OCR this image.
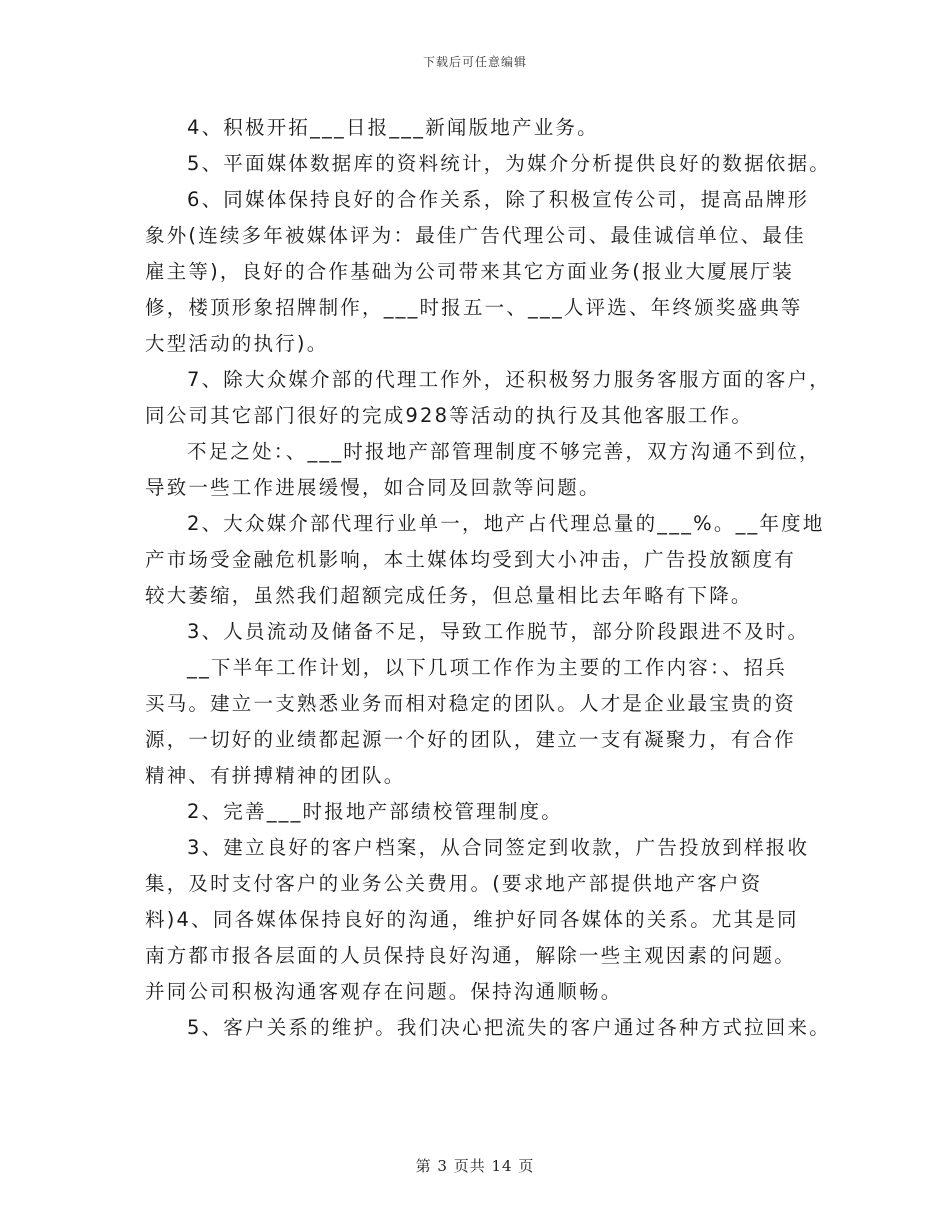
下载后可任意编辑
4、积极开拓___日报___新闻版地产业务。
5、平面媒体数据库的资料统计，为媒介分析提供良好的数据依据。
6、同媒体保持良好的合作关系，除了积极宣传公司，提高品牌形
象外(连续多年被媒体评为：最佳广告代理公司、最佳诚信单位、最佳
雇主等)，良好的合作基础为公司带来其它方面业务(报业大厦展厅装
修，楼顶形象招牌制作，___时报五一、___人评选、年终颁奖盛典等
大型活动的执行)。
7、除大众媒介部的代理工作外，还积极努力服务客服方面的客户，
同公司其它部门很好的完成928等活动的执行及其他客服工作。
不足之处：、___时报地产部管理制度不够完善，双方沟通不到位，
导致一些工作进展缓慢，如合同及回款等问题。
2、大众媒介部代理行业单一，地产占代理总量的___%。__年度地
产市场受金融危机影响，本土媒体均受到大小冲击，广告投放额度有
较大萎缩，虽然我们超额完成任务，但总量相比去年略有下降。
3、人员流动及储备不足，导致工作脱节，部分阶段跟进不及时。
__下半年工作计划，以下几项工作作为主要的工作内容：、招兵
买马。建立一支熟悉业务而相对稳定的团队。人才是企业最宝贵的资
源，一切好的业绩都起源一个好的团队，建立一支有凝聚力，有合作
精神、有拼搏精神的团队。
2、完善___时报地产部绩校管理制度。
3、建立良好的客户档案，从合同签定到收款，广告投放到样报收
集，及时支付客户的业务公关费用。(要求地产部提供地产客户资
料)4、同各媒体保持良好的沟通，维护好同各媒体的关系。尤其是同
南方都市报各层面的人员保持良好沟通，解除一些主观因素的问题。
并同公司积极沟通客观存在问题。保持沟通顺畅。
5、客户关系的维护。我们决心把流失的客户通过各种方式拉回来。
第 3 页共 14 页
